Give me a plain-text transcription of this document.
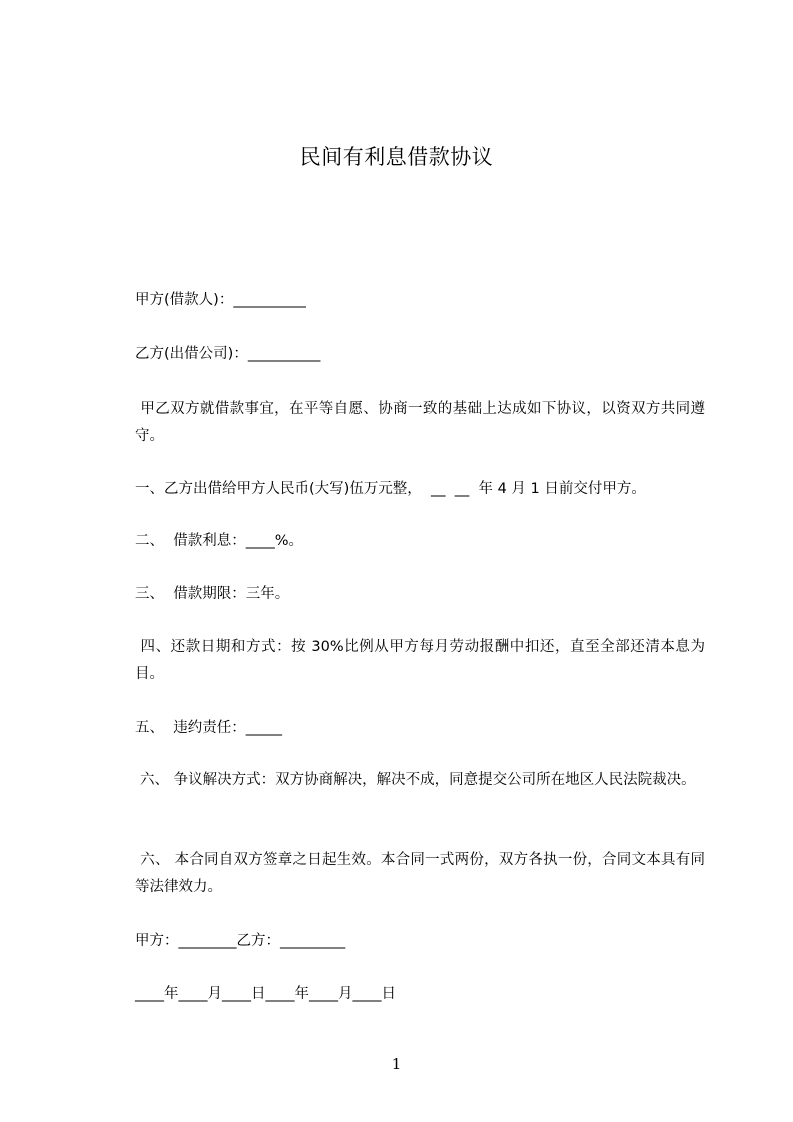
民间有利息借款协议
甲方(借款人)：__________
乙方(出借公司)：__________
甲乙双方就借款事宜，在平等自愿、协商一致的基础上达成如下协议，以资双方共同遵守。
一、乙方出借给甲方人民币(大写)伍万元整，  __  __  年 4 月 1 日前交付甲方。
二、  借款利息：____%。
三、  借款期限：三年。
四、还款日期和方式：按 30%比例从甲方每月劳动报酬中扣还，直至全部还清本息为目。
五、  违约责任：_____
六、 争议解决方式：双方协商解决，解决不成，同意提交公司所在地区人民法院裁决。
六、 本合同自双方签章之日起生效。本合同一式两份，双方各执一份，合同文本具有同等法律效力。
甲方：________乙方：_________
____年____月____日____年____月____日
1
